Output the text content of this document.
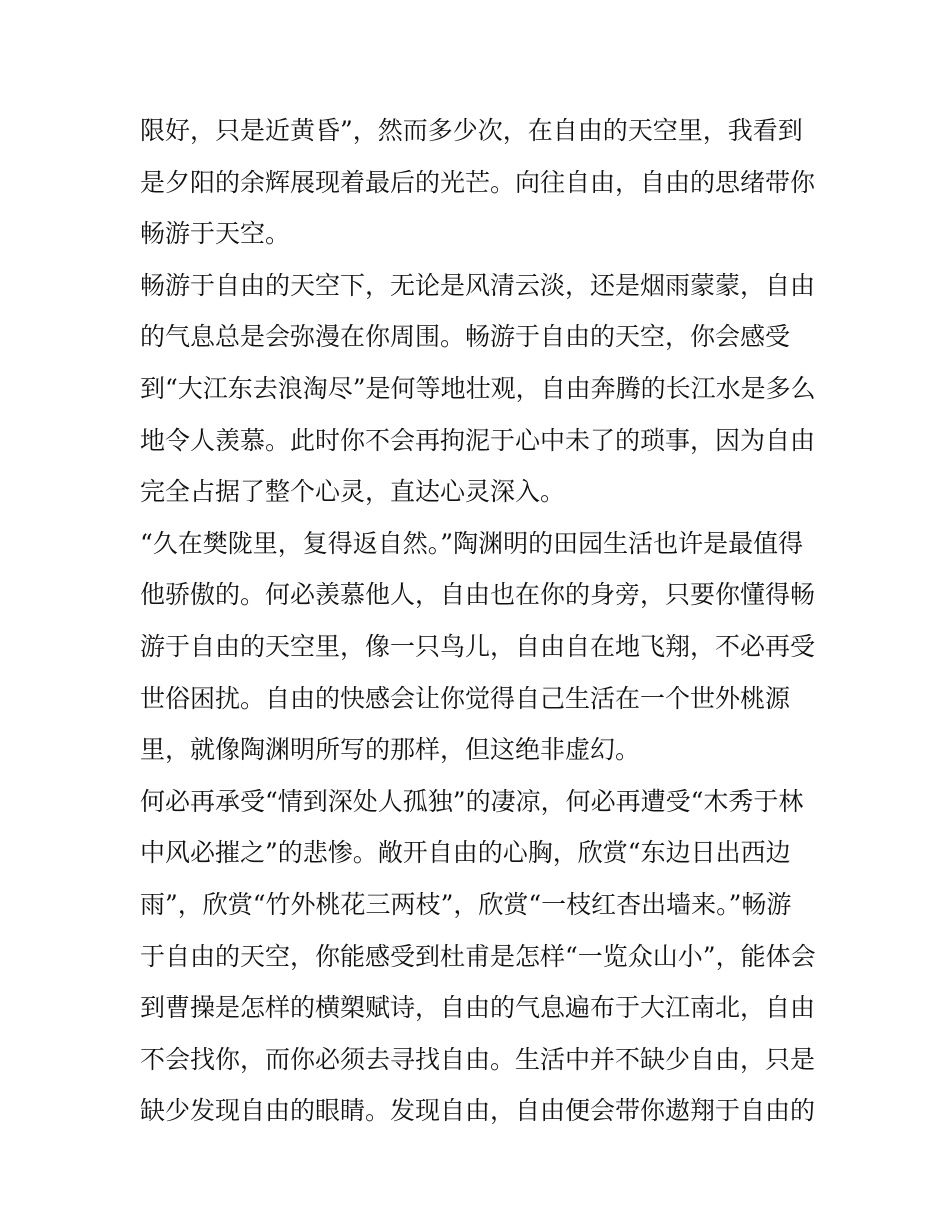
限好，只是近黄昏”，然而多少次，在自由的天空里，我看到
是夕阳的余辉展现着最后的光芒。向往自由，自由的思绪带你
畅游于天空。
畅游于自由的天空下，无论是风清云淡，还是烟雨蒙蒙，自由
的气息总是会弥漫在你周围。畅游于自由的天空，你会感受
到“大江东去浪淘尽”是何等地壮观，自由奔腾的长江水是多么
地令人羡慕。此时你不会再拘泥于心中未了的琐事，因为自由
完全占据了整个心灵，直达心灵深入。
“久在樊陇里，复得返自然。”陶渊明的田园生活也许是最值得
他骄傲的。何必羡慕他人，自由也在你的身旁，只要你懂得畅
游于自由的天空里，像一只鸟儿，自由自在地飞翔，不必再受
世俗困扰。自由的快感会让你觉得自己生活在一个世外桃源
里，就像陶渊明所写的那样，但这绝非虚幻。
何必再承受“情到深处人孤独”的凄凉，何必再遭受“木秀于林
中风必摧之”的悲惨。敞开自由的心胸，欣赏“东边日出西边
雨”，欣赏“竹外桃花三两枝”，欣赏“一枝红杏出墙来。”畅游
于自由的天空，你能感受到杜甫是怎样“一览众山小”，能体会
到曹操是怎样的横槊赋诗，自由的气息遍布于大江南北，自由
不会找你，而你必须去寻找自由。生活中并不缺少自由，只是
缺少发现自由的眼睛。发现自由，自由便会带你遨翔于自由的
